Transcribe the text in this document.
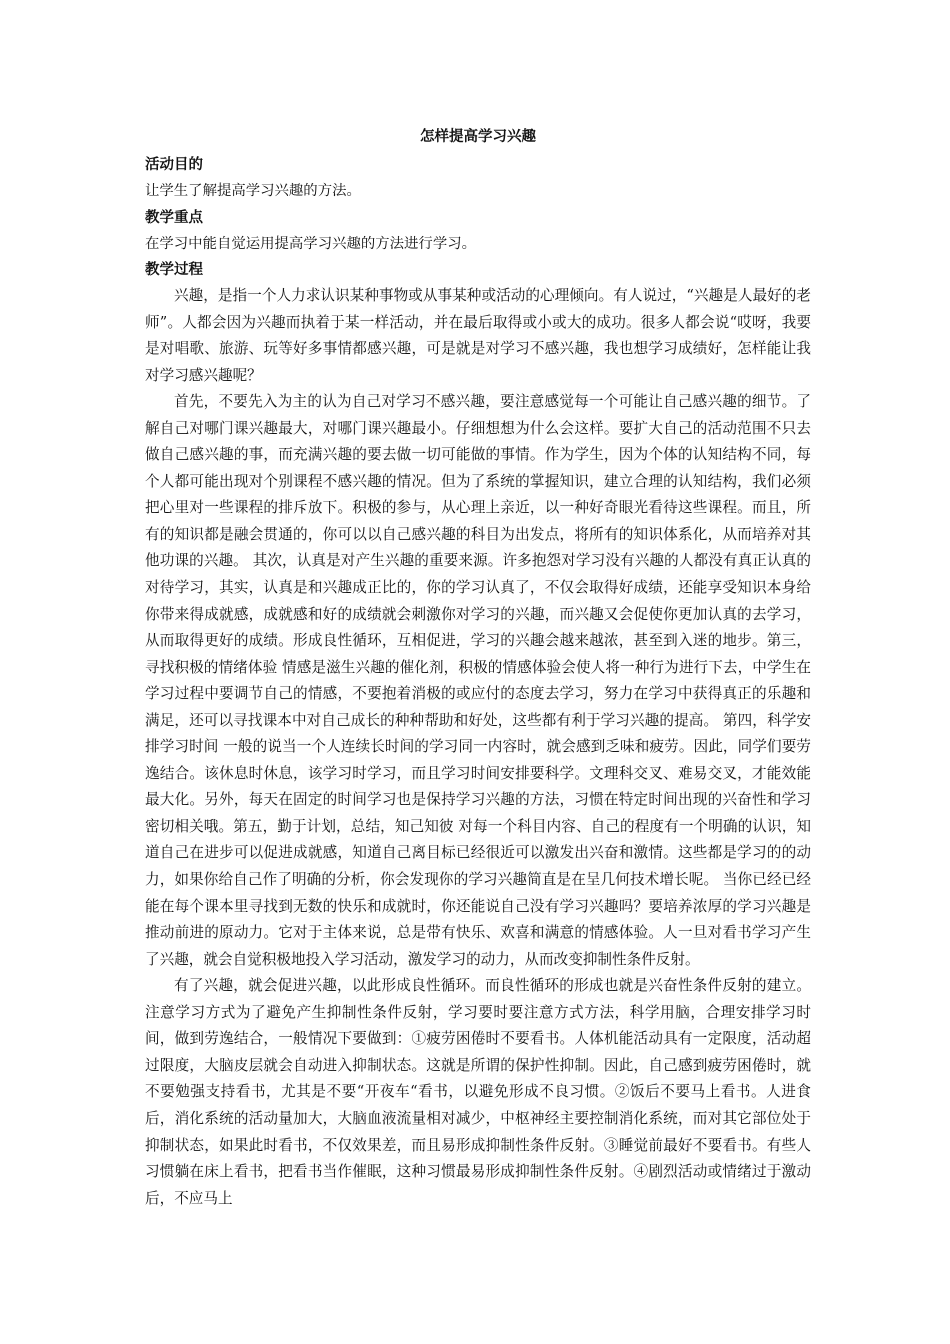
怎样提高学习兴趣
活动目的
让学生了解提高学习兴趣的方法。
教学重点
在学习中能自觉运用提高学习兴趣的方法进行学习。
教学过程

兴趣，是指一个人力求认识某种事物或从事某种或活动的心理倾向。有人说过，“兴趣是人最好的老师”。人都会因为兴趣而执着于某一样活动，并在最后取得或小或大的成功。很多人都会说“哎呀，我要是对唱歌、旅游、玩等好多事情都感兴趣，可是就是对学习不感兴趣，我也想学习成绩好，怎样能让我对学习感兴趣呢？

首先，不要先入为主的认为自己对学习不感兴趣，要注意感觉每一个可能让自己感兴趣的细节。了解自己对哪门课兴趣最大，对哪门课兴趣最小。仔细想想为什么会这样。要扩大自己的活动范围不只去做自己感兴趣的事，而充满兴趣的要去做一切可能做的事情。作为学生，因为个体的认知结构不同，每个人都可能出现对个别课程不感兴趣的情况。但为了系统的掌握知识，建立合理的认知结构，我们必须把心里对一些课程的排斥放下。积极的参与，从心理上亲近，以一种好奇眼光看待这些课程。而且，所有的知识都是融会贯通的，你可以以自己感兴趣的科目为出发点，将所有的知识体系化，从而培养对其他功课的兴趣。 其次，认真是对产生兴趣的重要来源。许多抱怨对学习没有兴趣的人都没有真正认真的对待学习，其实，认真是和兴趣成正比的，你的学习认真了，不仅会取得好成绩，还能享受知识本身给你带来得成就感，成就感和好的成绩就会刺激你对学习的兴趣，而兴趣又会促使你更加认真的去学习，从而取得更好的成绩。形成良性循环，互相促进，学习的兴趣会越来越浓，甚至到入迷的地步。第三，寻找积极的情绪体验 情感是滋生兴趣的催化剂，积极的情感体验会使人将一种行为进行下去，中学生在学习过程中要调节自己的情感，不要抱着消极的或应付的态度去学习，努力在学习中获得真正的乐趣和满足，还可以寻找课本中对自己成长的种种帮助和好处，这些都有利于学习兴趣的提高。 第四，科学安排学习时间 一般的说当一个人连续长时间的学习同一内容时，就会感到乏味和疲劳。因此，同学们要劳逸结合。该休息时休息，该学习时学习，而且学习时间安排要科学。文理科交叉、难易交叉，才能效能最大化。另外，每天在固定的时间学习也是保持学习兴趣的方法，习惯在特定时间出现的兴奋性和学习密切相关哦。第五，勤于计划，总结，知己知彼 对每一个科目内容、自己的程度有一个明确的认识，知道自己在进步可以促进成就感，知道自己离目标已经很近可以激发出兴奋和激情。这些都是学习的的动力，如果你给自己作了明确的分析，你会发现你的学习兴趣简直是在呈几何技术增长呢。 当你已经已经能在每个课本里寻找到无数的快乐和成就时，你还能说自己没有学习兴趣吗？要培养浓厚的学习兴趣是推动前进的原动力。它对于主体来说，总是带有快乐、欢喜和满意的情感体验。人一旦对看书学习产生了兴趣，就会自觉积极地投入学习活动，激发学习的动力，从而改变抑制性条件反射。

有了兴趣，就会促进兴趣，以此形成良性循环。而良性循环的形成也就是兴奋性条件反射的建立。注意学习方式为了避免产生抑制性条件反射，学习要时要注意方式方法，科学用脑，合理安排学习时间，做到劳逸结合，一般情况下要做到：①疲劳困倦时不要看书。人体机能活动具有一定限度，活动超过限度，大脑皮层就会自动进入抑制状态。这就是所谓的保护性抑制。因此，自己感到疲劳困倦时，就不要勉强支持看书，尤其是不要“开夜车“看书，以避免形成不良习惯。②饭后不要马上看书。人进食后，消化系统的活动量加大，大脑血液流量相对减少，中枢神经主要控制消化系统，而对其它部位处于抑制状态，如果此时看书，不仅效果差，而且易形成抑制性条件反射。③睡觉前最好不要看书。有些人习惯躺在床上看书，把看书当作催眠，这种习惯最易形成抑制性条件反射。④剧烈活动或情绪过于激动后，不应马上
